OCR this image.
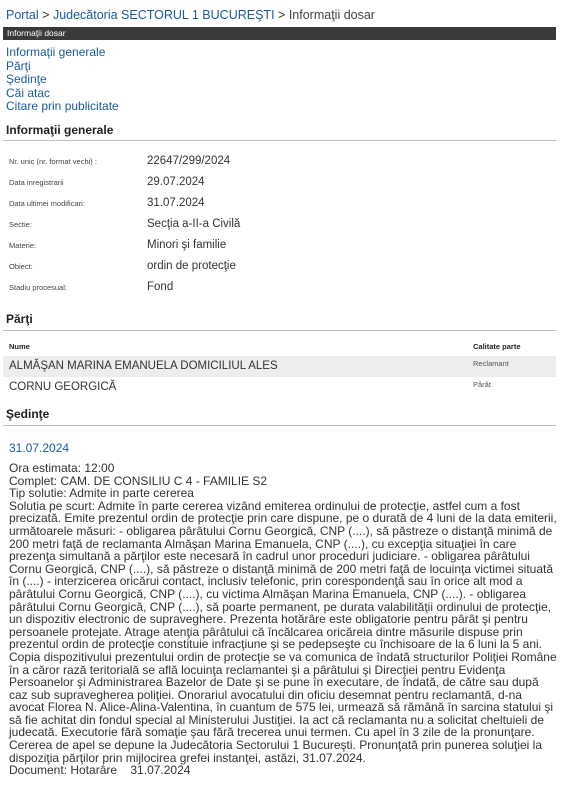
Portal > Judecătoria SECTORUL 1 BUCUREŞTI > Informaţii dosar
Informaţii dosar
Informaţii generale
Părţi
Şedinţe
Căi atac
Citare prin publicitate
Informaţii generale
Nr. unic (nr. format vechi) :	22647/299/2024
Data inregistrarii	29.07.2024
Data ultimei modificari:	31.07.2024
Sectie:	Secţia a-II-a Civilă
Materie:	Minori şi familie
Obiect:	ordin de protecţie
Stadiu procesual:	Fond
Părţi
Nume	Calitate parte
ALMĂŞAN MARINA EMANUELA DOMICILIUL ALES	Reclamant
CORNU GEORGICĂ	Pârât
Şedinţe
31.07.2024
Ora estimata: 12:00
Complet: CAM. DE CONSILIU C 4 - FAMILIE S2
Tip solutie: Admite in parte cererea

Solutia pe scurt: Admite în parte cererea vizând emiterea ordinului de protecţie, astfel cum a fost precizată. Emite prezentul ordin de protecţie prin care dispune, pe o durată de 4 luni de la data emiterii, următoarele măsuri: - obligarea pârâtului Cornu Georgică, CNP (....), să păstreze o distanţă minimă de 200 metri faţă de reclamanta Almăşan Marina Emanuela, CNP (....), cu excepţia situaţiei în care prezenţa simultană a părţilor este necesară în cadrul unor proceduri judiciare. - obligarea pârâtului Cornu Georgică, CNP (....), să păstreze o distanţă minimă de 200 metri faţă de locuinţa victimei situată în (....) - interzicerea oricărui contact, inclusiv telefonic, prin corespondenţă sau în orice alt mod a pârâtului Cornu Georgică, CNP (....), cu victima Almăşan Marina Emanuela, CNP (....). - obligarea pârâtului Cornu Georgică, CNP (....), să poarte permanent, pe durata valabilităţii ordinului de protecţie, un dispozitiv electronic de supraveghere. Prezenta hotărâre este obligatorie pentru pârât şi pentru persoanele protejate. Atrage atenţia pârâtului că încălcarea oricăreia dintre măsurile dispuse prin prezentul ordin de protecţie constituie infracţiune şi se pedepseşte cu închisoare de la 6 luni la 5 ani. Copia dispozitivului prezentului ordin de protecţie se va comunica de îndată structurilor Poliţiei Române în a căror rază teritorială se află locuinţa reclamantei şi a pârâtului şi Direcţiei pentru Evidenţa Persoanelor şi Administrarea Bazelor de Date şi se pune în executare, de îndată, de către sau după caz sub supravegherea poliţiei. Onorariul avocatului din oficiu desemnat pentru reclamantă, d-na avocat Florea N. Alice-Alina-Valentina, în cuantum de 575 lei, urmează să rămână în sarcina statului şi să fie achitat din fondul special al Ministerului Justiţiei. Ia act că reclamanta nu a solicitat cheltuieli de judecată. Executorie fără somaţie şau fără trecerea unui termen. Cu apel în 3 zile de la pronunţare. Cererea de apel se depune la Judecătoria Sectorului 1 Bucureşti. Pronunţată prin punerea soluţiei la dispoziţia părţilor prin mijlocirea grefei instanţei, astăzi, 31.07.2024.

Document: Hotarâre    31.07.2024
